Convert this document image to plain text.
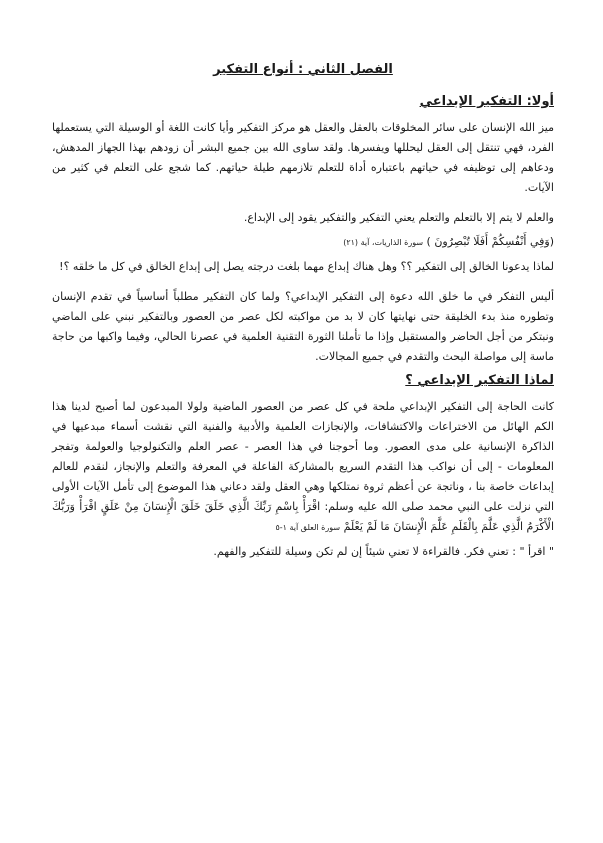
الفصل الثاني : أنواع التفكير
أولا: التفكير الإبداعي

ميز الله الإنسان على سائر المخلوقات بالعقل والعقل هو مركز التفكير وأيا كانت اللغة أو الوسيلة التي يستعملها الفرد، فهي تنتقل إلى العقل ليحللها ويفسرها. ولقد ساوى الله بين جميع البشر أن زودهم بهذا الجهاز المدهش، ودعاهم إلى توظيفه في حياتهم باعتباره أداة للتعلم تلازمهم طيلة حياتهم. كما شجع على التعلم في كثير من الآيات.

والعلم لا يتم إلا بالتعلم والتعلم يعني التفكير والتفكير يقود إلى الإبداع.

(وَفِي أَنْفُسِكُمْ أَفَلَا تُبْصِرُونَ ) سورة الذاريات، آية (٢١)

لماذا يدعونا الخالق إلى التفكير ؟؟ وهل هناك إبداع مهما بلغت درجته يصل إلى إبداع الخالق في كل ما خلقه ؟!

أليس التفكر في ما خلق الله دعوة إلى التفكير الإبداعي؟ ولما كان التفكير مطلباً أساسياً في تقدم الإنسان وتطوره منذ بدء الخليقة حتى نهايتها كان لا بد من مواكبته لكل عصر من العصور وبالتفكير نبني على الماضي ونبتكر من أجل الحاضر والمستقبل وإذا ما تأملنا الثورة التقنية العلمية في عصرنا الحالي، وفيما واكبها من حاجة ماسة إلى مواصلة البحث والتقدم في جميع المجالات.

لماذا التفكير الإبداعي ؟

كانت الحاجة إلى التفكير الإبداعي ملحة في كل عصر من العصور الماضية ولولا المبدعون لما أصبح لدينا هذا الكم الهائل من الاختراعات والاكتشافات، والإنجازات العلمية والأدبية والفنية التي نقشت أسماء مبدعيها في الذاكرة الإنسانية على مدى العصور. وما أحوجنا في هذا العصر - عصر العلم والتكنولوجيا والعولمة وتفجر المعلومات - إلى أن نواكب هذا التقدم السريع بالمشاركة الفاعلة في المعرفة والتعلم والإنجاز، لنقدم للعالم إبداعات خاصة بنا ، وناتجة عن أعظم ثروة نمتلكها وهي العقل ولقد دعاني هذا الموضوع إلى تأمل الآيات الأولى التي نزلت على النبي محمد صلى الله عليه وسلم: اقْرَأْ بِاسْمِ رَبِّكَ الَّذِي خَلَقَ خَلَقَ الْإِنسَانَ مِنْ عَلَقٍ اقْرَأْ وَرَبُّكَ الْأَكْرَمُ الَّذِي عَلَّمَ بِالْقَلَمِ عَلَّمَ الْإِنسَانَ مَا لَمْ يَعْلَمْ سورة العلق آية ١-٥

" اقرأ " : تعني فكر. فالقراءة لا تعني شيئاً إن لم تكن وسيلة للتفكير والفهم.
